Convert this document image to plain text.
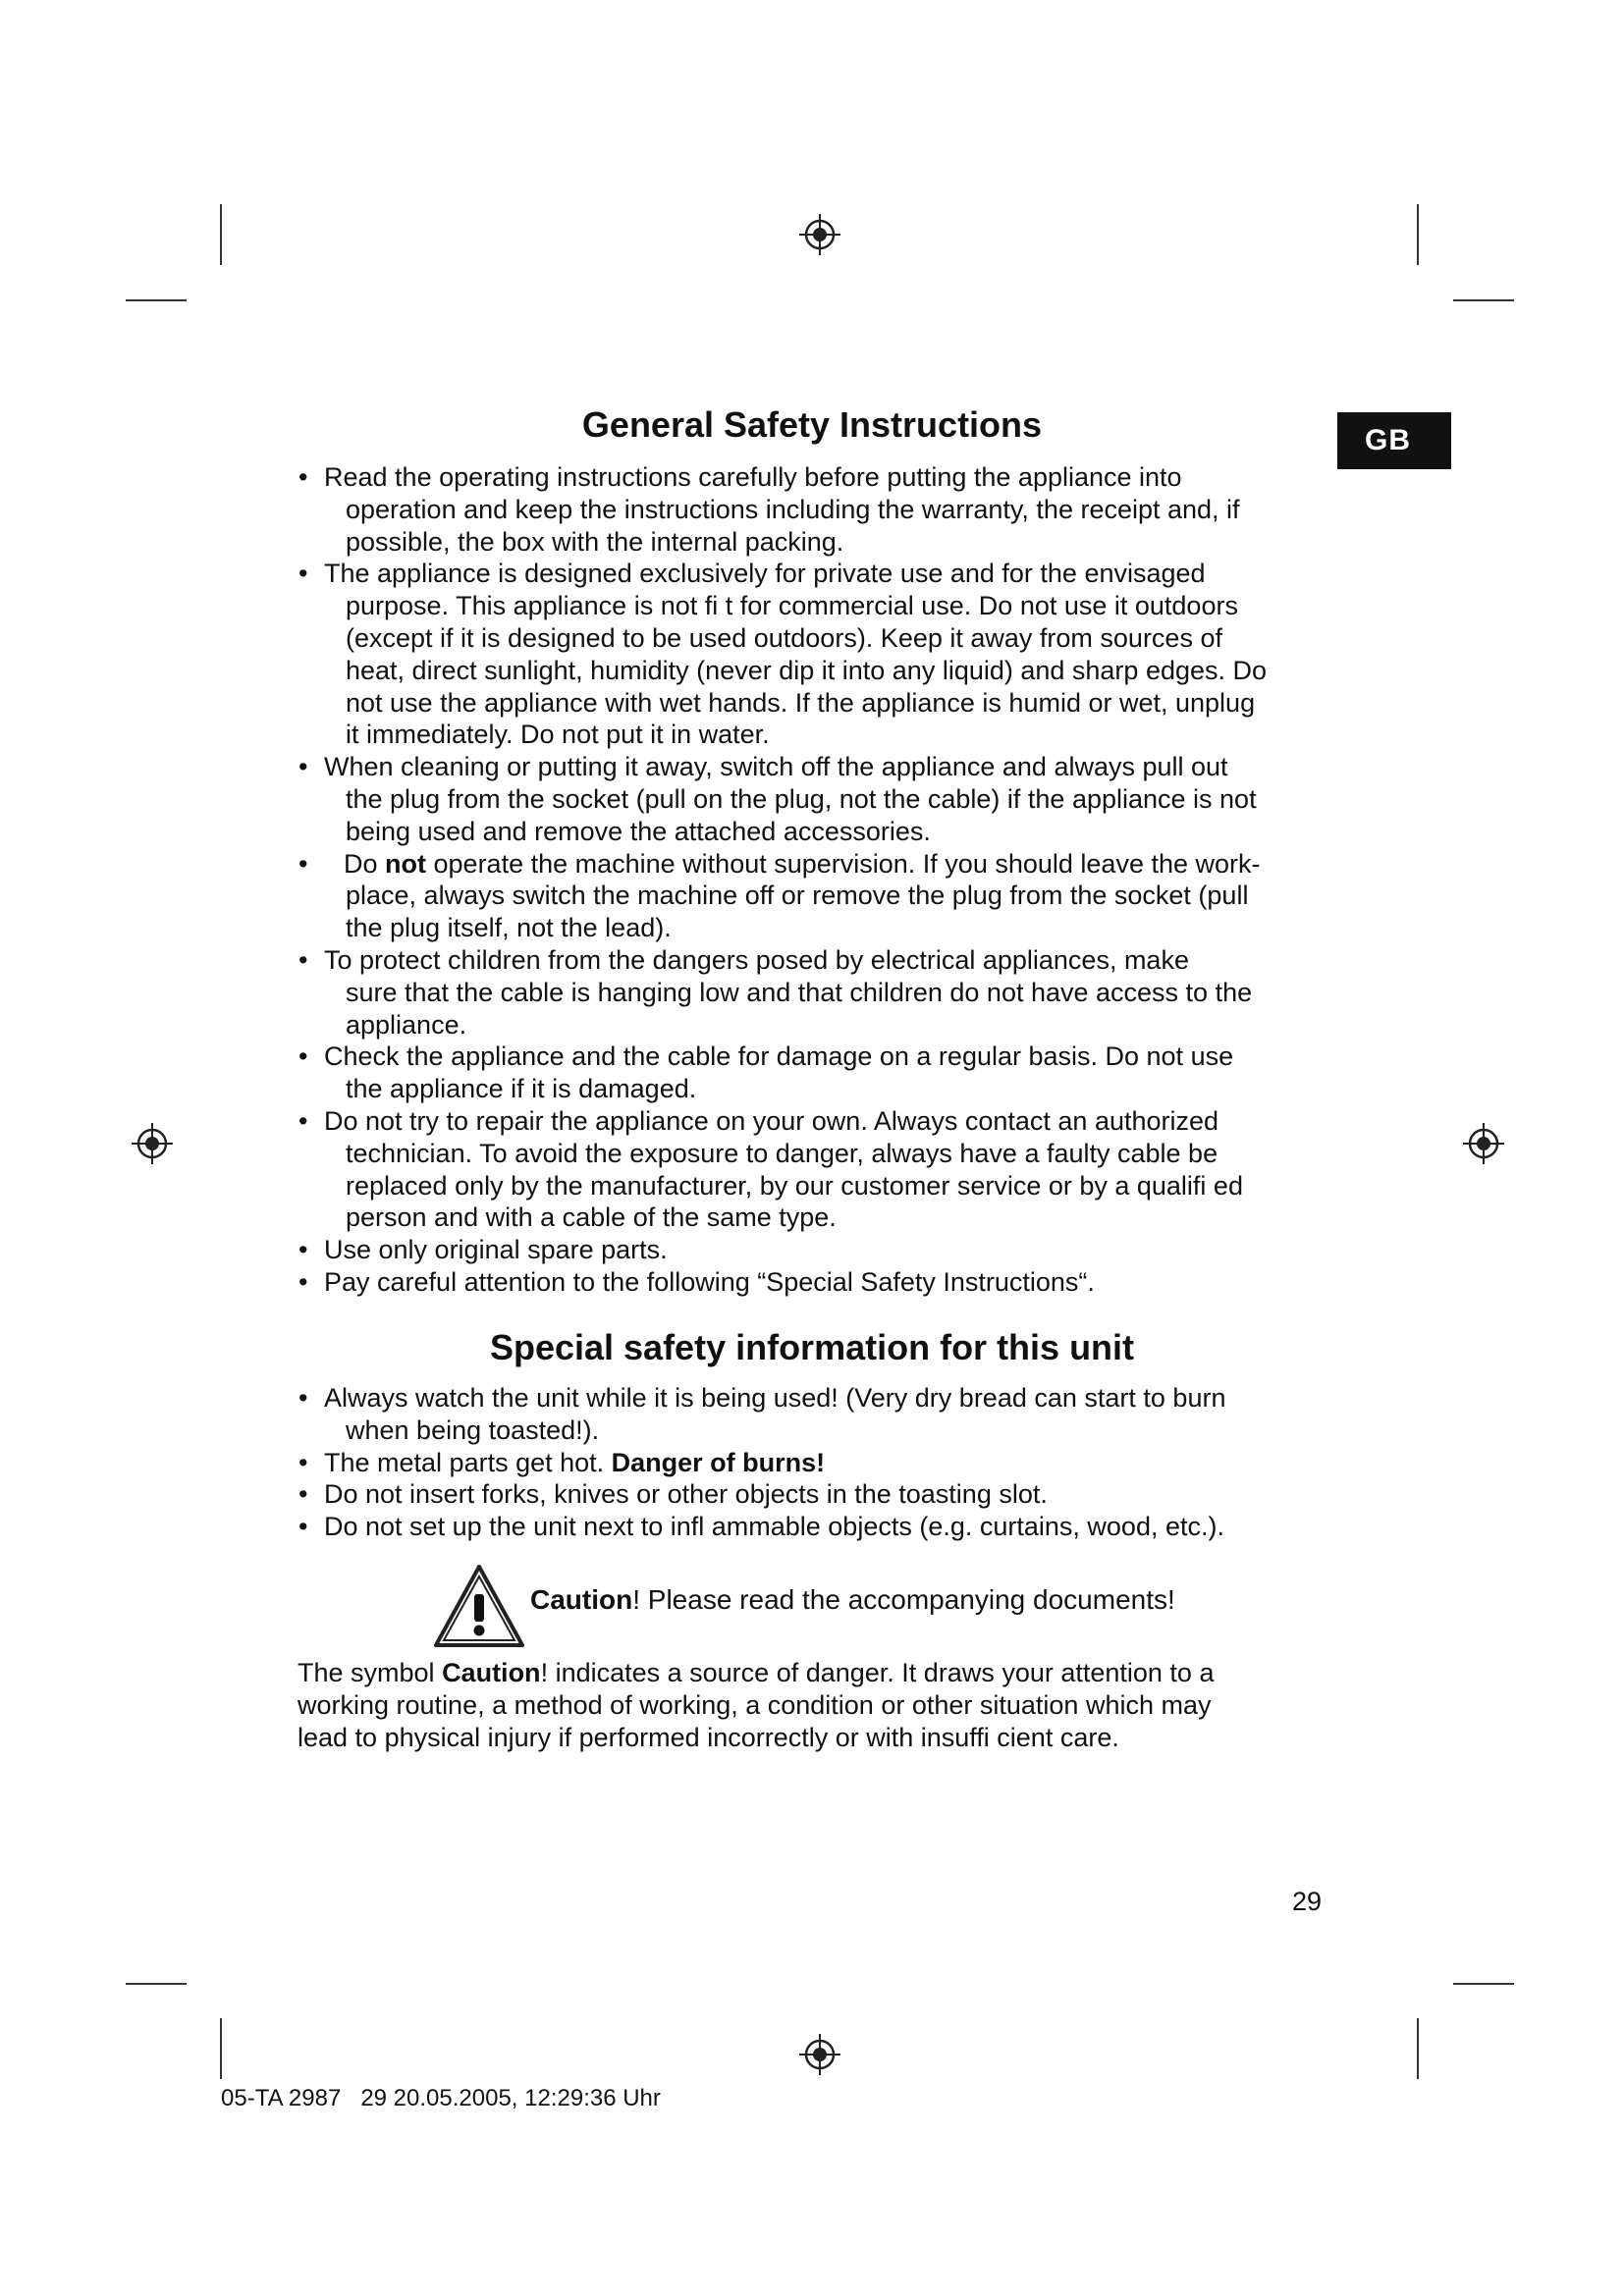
GB
General Safety Instructions
• Read the operating instructions carefully before putting the appliance into
operation and keep the instructions including the warranty, the receipt and, if
possible, the box with the internal packing.
• The appliance is designed exclusively for private use and for the envisaged
purpose. This appliance is not fi t for commercial use. Do not use it outdoors
(except if it is designed to be used outdoors). Keep it away from sources of
heat, direct sunlight, humidity (never dip it into any liquid) and sharp edges. Do
not use the appliance with wet hands. If the appliance is humid or wet, unplug
it immediately. Do not put it in water.
• When cleaning or putting it away, switch off the appliance and always pull out
the plug from the socket (pull on the plug, not the cable) if the appliance is not
being used and remove the attached accessories.
•	Do not operate the machine without supervision. If you should leave the work-
place, always switch the machine off or remove the plug from the socket (pull
the plug itself, not the lead).
• To protect children from the dangers posed by electrical appliances, make
sure that the cable is hanging low and that children do not have access to the
appliance.
• Check the appliance and the cable for damage on a regular basis. Do not use
the appliance if it is damaged.
• Do not try to repair the appliance on your own. Always contact an authorized
technician. To avoid the exposure to danger, always have a faulty cable be
replaced only by the manufacturer, by our customer service or by a qualifi ed
person and with a cable of the same type.
• Use only original spare parts.
• Pay careful attention to the following “Special Safety Instructions“.
Special safety information for this unit
• Always watch the unit while it is being used! (Very dry bread can start to burn
when being toasted!).
• The metal parts get hot. Danger of burns!
• Do not insert forks, knives or other objects in the toasting slot.
• Do not set up the unit next to infl ammable objects (e.g. curtains, wood, etc.).
Caution! Please read the accompanying documents!

The symbol Caution! indicates a source of danger. It draws your attention to a
working routine, a method of working, a condition or other situation which may
lead to physical injury if performed incorrectly or with insuffi cient care.

29
05-TA 2987   29 20.05.2005, 12:29:36 Uhr
